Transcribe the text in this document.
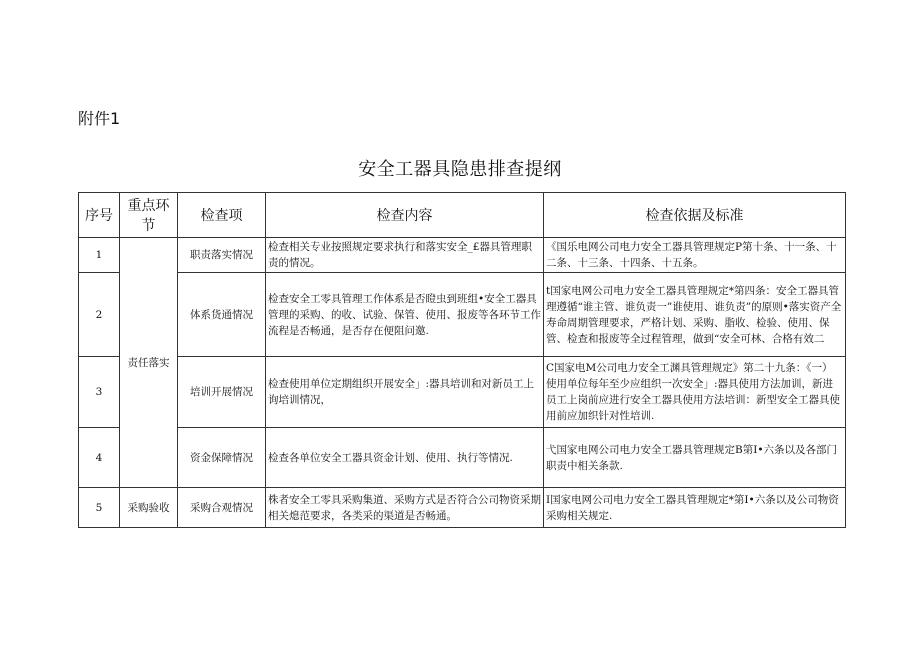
附件1
安全工器具隐患排查提纲
序号	重点环节	检查项	检查内容	检查依据及标准
1	责任落实	职责落实情况	检查相关专业按照规定要求执行和落实安全_£器具管理职责的情况。	《国乐电网公司电力安全工器具管理规定P第十条、十一条、十二条、十三条、十四条、十五条。
2		体系货通情况	检查安全工零具管理工作体系是否瞪虫到班组•安全工器具管理的采购、的收、试验、保管、使用、报废等各环节工作流程是否畅通，是否存在便阻问邀.	t国家电网公司电力安全工器具管理规定*第四条：安全工器具管理遵循“谁主管、谁负责一”谁使用、谁负责”的原则•落实资产全寿命周期管理要求，严格计划、采购、脂收、检验、使用、保管、检查和报废等全过程管理，做到“安全可林、合格有效二
3		培训开展情况	检查使用单位定期组织开展安全」:器具培训和对新员工上询培训情况，	C国家电M公司电力安全工渊具管理规定》第二十九条：《一）使用单位每年至少应组织一次安全」:器具使用方法加训，新进员工上岗前应进行安全工器具使用方法培训：新型安全工器具使用前应加织针对性培训.
4		资金保障情况	检查各单位安全工器具资金计划、使用、执行等情况.	弋国家电网公司电力安全工器具管理规定B第I•六条以及各部门职责中相关条款.
5	采购验收	采购合观情况	株者安全工零具采购集道、采购方式是否符合公司物资采期相关熄范要求，各类采的渠道是否畅通。	I国家电网公司电力安全工器具管理规定*第I•六条以及公司物资采购相关规定.
